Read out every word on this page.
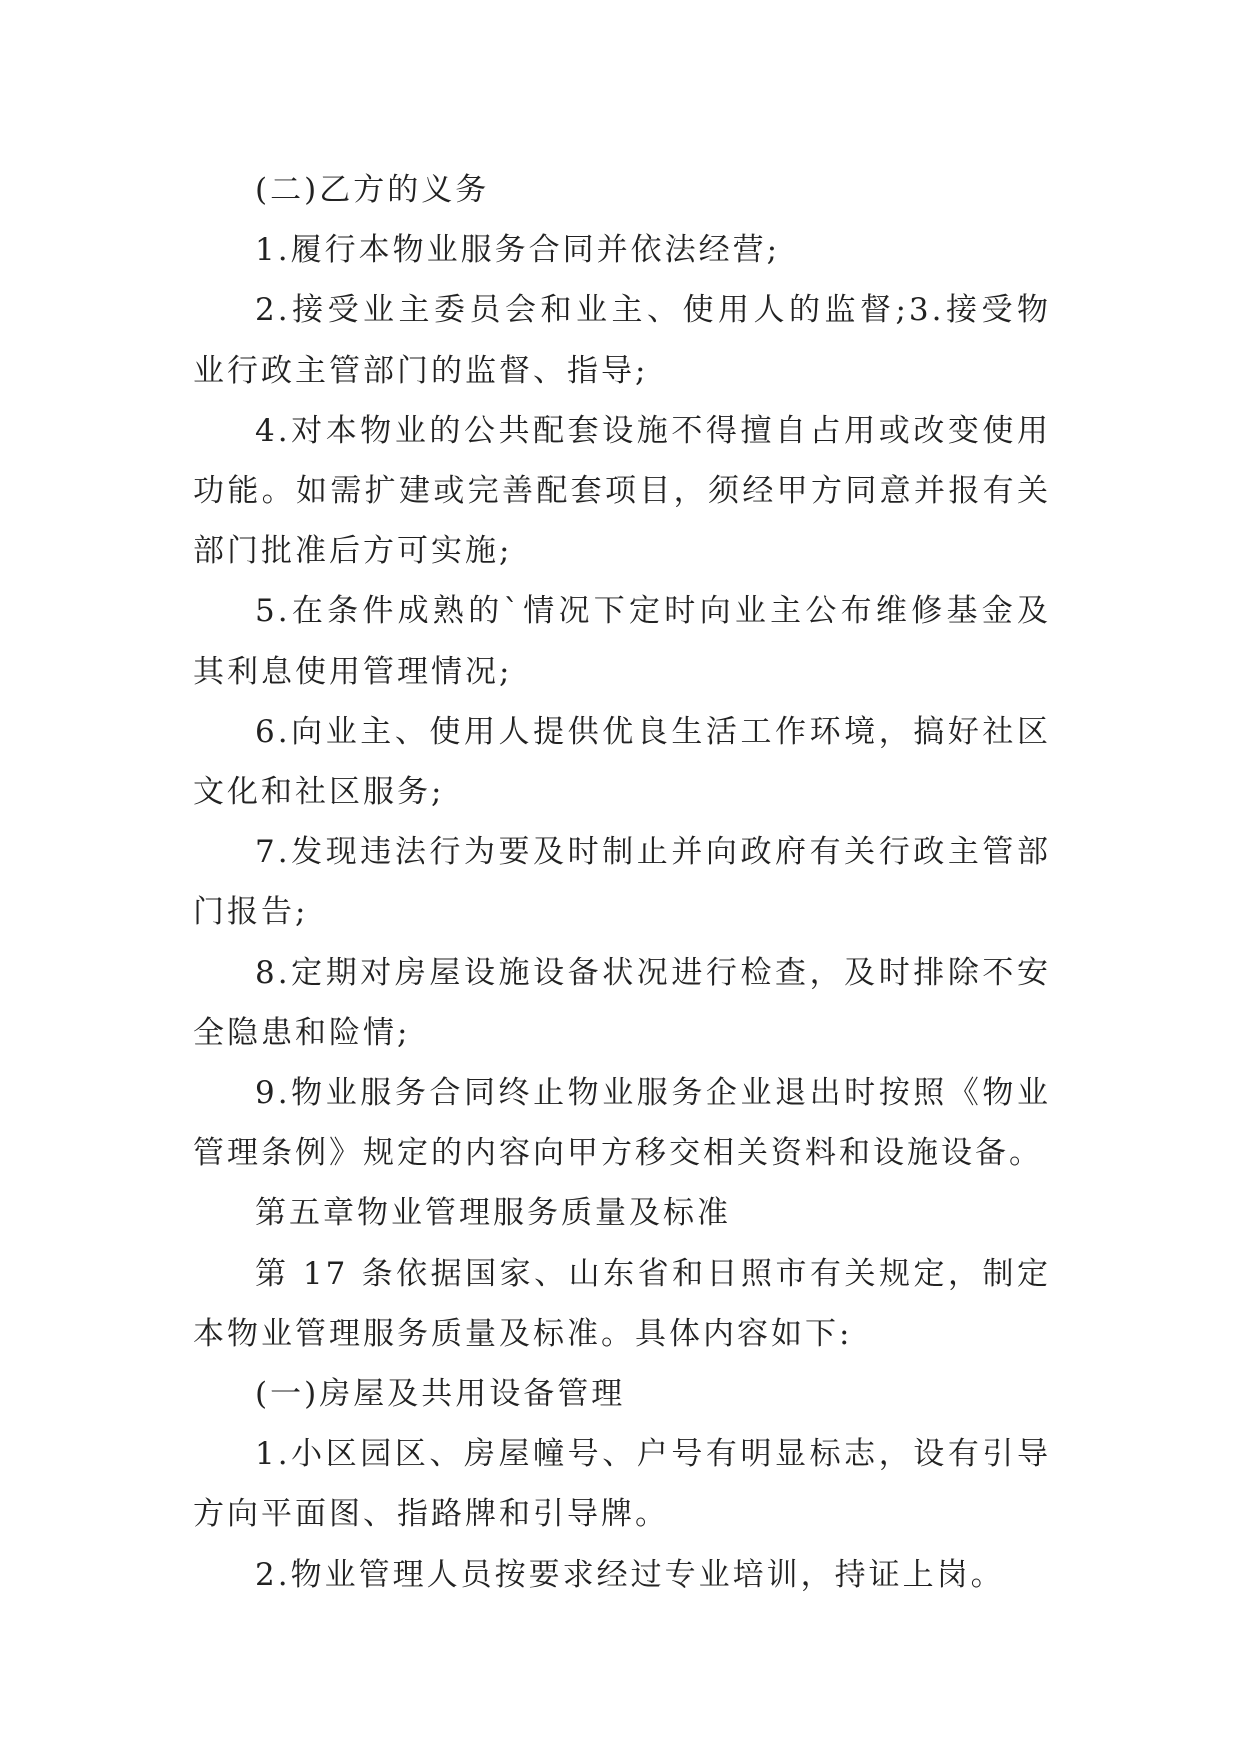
(二)乙方的义务

1.履行本物业服务合同并依法经营;

2.接受业主委员会和业主、使用人的监督;3.接受物业行政主管部门的监督、指导;

4.对本物业的公共配套设施不得擅自占用或改变使用功能。如需扩建或完善配套项目，须经甲方同意并报有关部门批准后方可实施;

5.在条件成熟的`情况下定时向业主公布维修基金及其利息使用管理情况;

6.向业主、使用人提供优良生活工作环境，搞好社区文化和社区服务;

7.发现违法行为要及时制止并向政府有关行政主管部门报告;

8.定期对房屋设施设备状况进行检查，及时排除不安全隐患和险情;

9.物业服务合同终止物业服务企业退出时按照《物业管理条例》规定的内容向甲方移交相关资料和设施设备。

第五章物业管理服务质量及标准

第 17 条依据国家、山东省和日照市有关规定，制定本物业管理服务质量及标准。具体内容如下:

(一)房屋及共用设备管理

1.小区园区、房屋幢号、户号有明显标志，设有引导方向平面图、指路牌和引导牌。

2.物业管理人员按要求经过专业培训，持证上岗。
